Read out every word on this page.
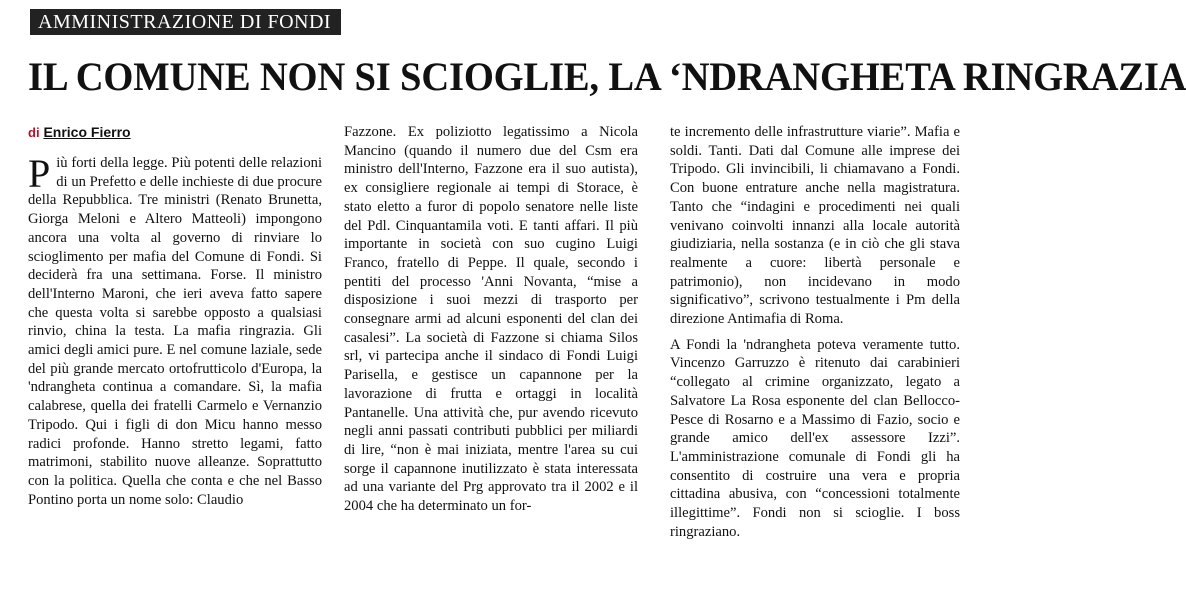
AMMINISTRAZIONE DI FONDI
IL COMUNE NON SI SCIOGLIE, LA ‘NDRANGHETA RINGRAZIA

di Enrico Fierro

Più forti della legge. Più potenti delle relazioni di un Prefetto e delle inchieste di due procure della Repubblica. Tre ministri (Renato Brunetta, Giorga Meloni e Altero Matteoli) impongono ancora una volta al governo di rinviare lo scioglimento per mafia del Comune di Fondi. Si deciderà fra una settimana. Forse. Il ministro dell'Interno Maroni, che ieri aveva fatto sapere che questa volta si sarebbe opposto a qualsiasi rinvio, china la testa. La mafia ringrazia. Gli amici degli amici pure. E nel comune laziale, sede del più grande mercato ortofrutticolo d'Europa, la 'ndrangheta continua a comandare. Sì, la mafia calabrese, quella dei fratelli Carmelo e Vernanzio Tripodo. Qui i figli di don Micu hanno messo radici profonde. Hanno stretto legami, fatto matrimoni, stabilito nuove alleanze. Soprattutto con la politica. Quella che conta e che nel Basso Pontino porta un nome solo: Claudio

Fazzone. Ex poliziotto legatissimo a Nicola Mancino (quando il numero due del Csm era ministro dell'Interno, Fazzone era il suo autista), ex consigliere regionale ai tempi di Storace, è stato eletto a furor di popolo senatore nelle liste del Pdl. Cinquantamila voti. E tanti affari. Il più importante in società con suo cugino Luigi Franco, fratello di Peppe. Il quale, secondo i pentiti del processo 'Anni Novanta, “mise a disposizione i suoi mezzi di trasporto per consegnare armi ad alcuni esponenti del clan dei casalesi”. La società di Fazzone si chiama Silos srl, vi partecipa anche il sindaco di Fondi Luigi Parisella, e gestisce un capannone per la lavorazione di frutta e ortaggi in località Pantanelle. Una attività che, pur avendo ricevuto negli anni passati contributi pubblici per miliardi di lire, “non è mai iniziata, mentre l'area su cui sorge il capannone inutilizzato è stata interessata ad una variante del Prg approvato tra il 2002 e il 2004 che ha determinato un for-

te incremento delle infrastrutture viarie”. Mafia e soldi. Tanti. Dati dal Comune alle imprese dei Tripodo. Gli invincibili, li chiamavano a Fondi. Con buone entrature anche nella magistratura. Tanto che “indagini e procedimenti nei quali venivano coinvolti innanzi alla locale autorità giudiziaria, nella sostanza (e in ciò che gli stava realmente a cuore: libertà personale e patrimonio), non incidevano in modo significativo”, scrivono testualmente i Pm della direzione Antimafia di Roma.

A Fondi la 'ndrangheta poteva veramente tutto. Vincenzo Garruzzo è ritenuto dai carabinieri “collegato al crimine organizzato, legato a Salvatore La Rosa esponente del clan Bellocco-Pesce di Rosarno e a Massimo di Fazio, socio e grande amico dell'ex assessore Izzi”. L'amministrazione comunale di Fondi gli ha consentito di costruire una vera e propria cittadina abusiva, con “concessioni totalmente illegittime”. Fondi non si scioglie. I boss ringraziano.
